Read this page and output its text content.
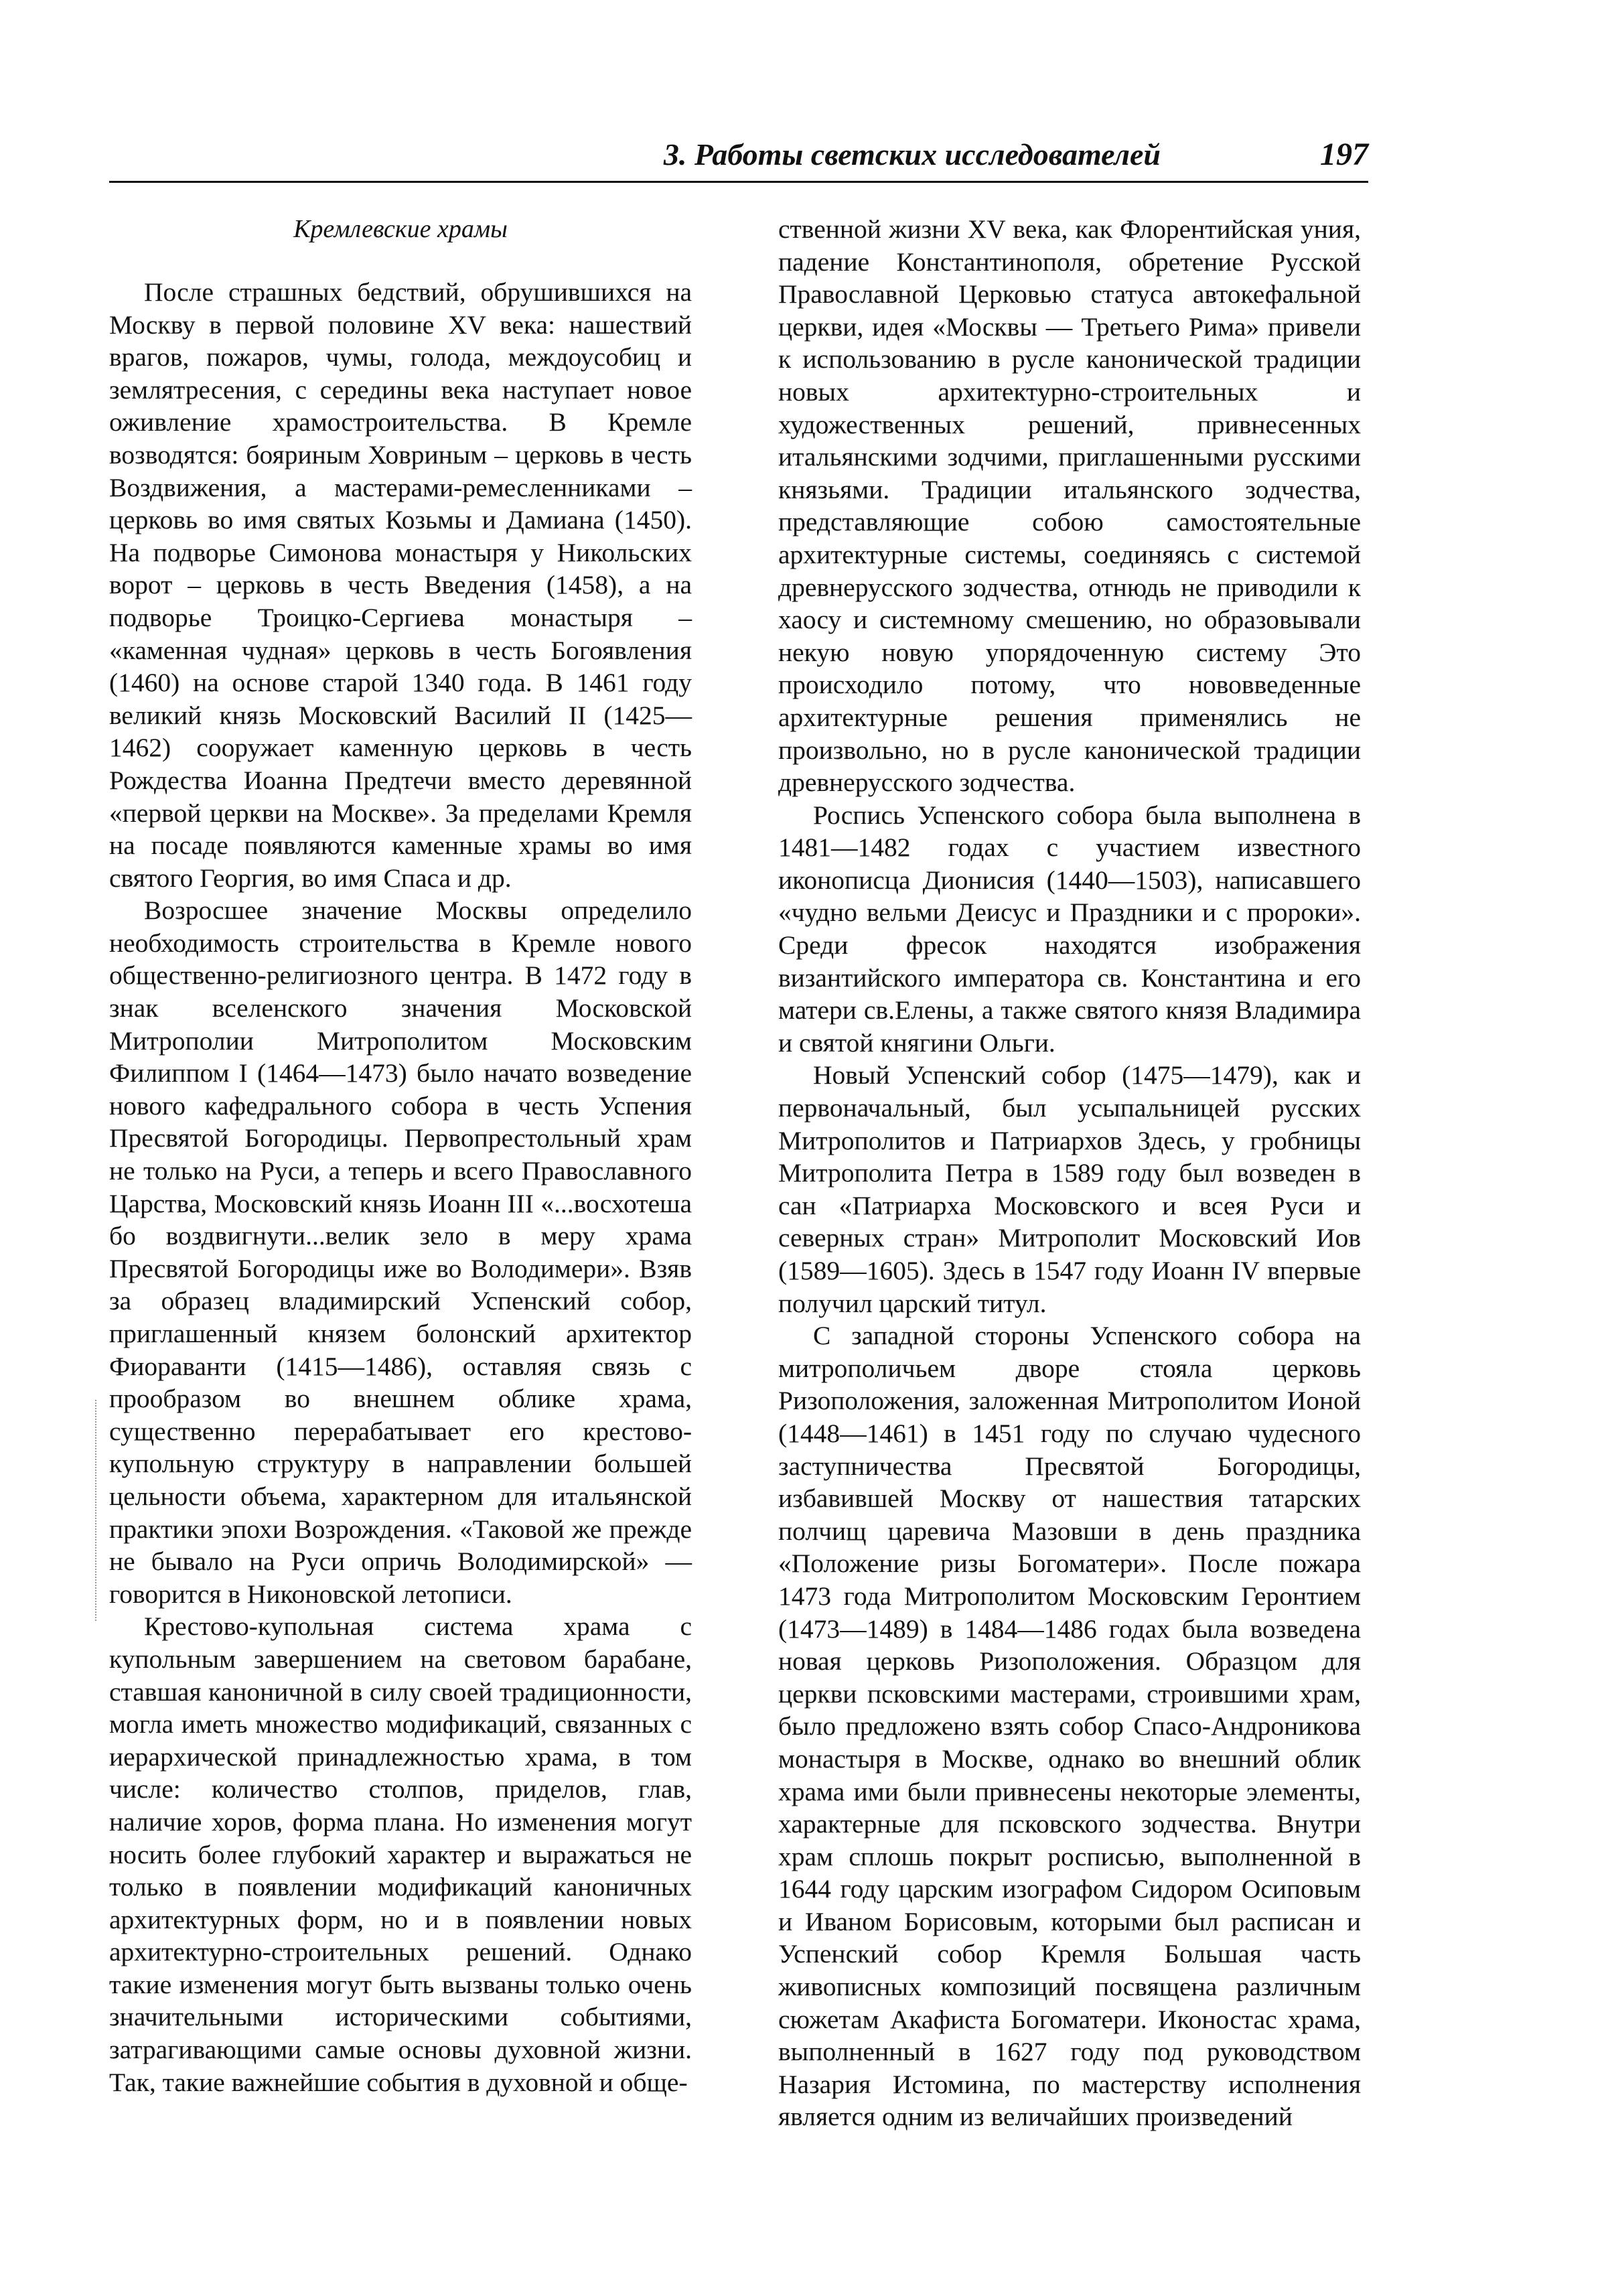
3. Работы светских исследователей	197
Кремлевские храмы

После страшных бедствий, обрушившихся на Москву в первой половине XV века: нашествий врагов, пожаров, чумы, голода, междоусобиц и землятресения, с середины века наступает новое оживление храмостроительства. В Кремле возводятся: бояриным Ховриным – церковь в честь Воздвижения, а мастерами-ремесленниками – церковь во имя святых Козьмы и Дамиана (1450). На подворье Симонова монастыря у Никольских ворот – церковь в честь Введения (1458), а на подворье Троицко-Сергиева монастыря – «каменная чудная» церковь в честь Богоявления (1460) на основе старой 1340 года. В 1461 году великий князь Московский Василий II (1425—1462) сооружает каменную церковь в честь Рождества Иоанна Предтечи вместо деревянной «первой церкви на Москве». За пределами Кремля на посаде появляются каменные храмы во имя святого Георгия, во имя Спаса и др.

Возросшее значение Москвы определило необходимость строительства в Кремле нового общественно-религиозного центра. В 1472 году в знак вселенского значения Московской Митрополии Митрополитом Московским Филиппом I (1464—1473) было начато возведение нового кафедрального собора в честь Успения Пресвятой Богородицы. Первопрестольный храм не только на Руси, а теперь и всего Православного Царства, Московский князь Иоанн III «...восхотеша бо воздвигнути...велик зело в меру храма Пресвятой Богородицы иже во Володимери». Взяв за образец владимирский Успенский собор, приглашенный князем болонский архитектор Фиораванти (1415—1486), оставляя связь с прообразом во внешнем облике храма, существенно перерабатывает его крестово-купольную структуру в направлении большей цельности объема, характерном для итальянской практики эпохи Возрождения. «Таковой же прежде не бывало на Руси опричь Володимирской» — говорится в Никоновской летописи.

Крестово-купольная система храма с купольным завершением на световом барабане, ставшая каноничной в силу своей традиционности, могла иметь множество модификаций, связанных с иерархической принадлежностью храма, в том числе: количество столпов, приделов, глав, наличие хоров, форма плана. Но изменения могут носить более глубокий характер и выражаться не только в появлении модификаций каноничных архитектурных форм, но и в появлении новых архитектурно-строительных решений. Однако такие изменения могут быть вызваны только очень значительными историческими событиями, затрагивающими самые основы духовной жизни. Так, такие важнейшие события в духовной и обще-

ственной жизни XV века, как Флорентийская уния, падение Константинополя, обретение Русской Православной Церковью статуса автокефальной церкви, идея «Москвы — Третьего Рима» привели к использованию в русле канонической традиции новых архитектурно-строительных и художественных решений, привнесенных итальянскими зодчими, приглашенными русскими князьями. Традиции итальянского зодчества, представляющие собою самостоятельные архитектурные системы, соединяясь с системой древнерусского зодчества, отнюдь не приводили к хаосу и системному смешению, но образовывали некую новую упорядоченную систему Это происходило потому, что нововведенные архитектурные решения применялись не произвольно, но в русле канонической традиции древнерусского зодчества.

Роспись Успенского собора была выполнена в 1481—1482 годах с участием известного иконописца Дионисия (1440—1503), написавшего «чудно вельми Деисус и Праздники и с пророки». Среди фресок находятся изображения византийского императора св. Константина и его матери св.Елены, а также святого князя Владимира и святой княгини Ольги.

Новый Успенский собор (1475—1479), как и первоначальный, был усыпальницей русских Митрополитов и Патриархов Здесь, у гробницы Митрополита Петра в 1589 году был возведен в сан «Патриарха Московского и всея Руси и северных стран» Митрополит Московский Иов (1589—1605). Здесь в 1547 году Иоанн IV впервые получил царский титул.

С западной стороны Успенского собора на митрополичьем дворе стояла церковь Ризоположения, заложенная Митрополитом Ионой (1448—1461) в 1451 году по случаю чудесного заступничества Пресвятой Богородицы, избавившей Москву от нашествия татарских полчищ царевича Мазовши в день праздника «Положение ризы Богоматери». После пожара 1473 года Митрополитом Московским Геронтием (1473—1489) в 1484—1486 годах была возведена новая церковь Ризоположения. Образцом для церкви псковскими мастерами, строившими храм, было предложено взять собор Спасо-Андроникова монастыря в Москве, однако во внешний облик храма ими были привнесены некоторые элементы, характерные для псковского зодчества. Внутри храм сплошь покрыт росписью, выполненной в 1644 году царским изографом Сидором Осиповым и Иваном Борисовым, которыми был расписан и Успенский собор Кремля Большая часть живописных композиций посвящена различным сюжетам Акафиста Богоматери. Иконостас храма, выполненный в 1627 году под руководством Назария Истомина, по мастерству исполнения является одним из величайших произведений
